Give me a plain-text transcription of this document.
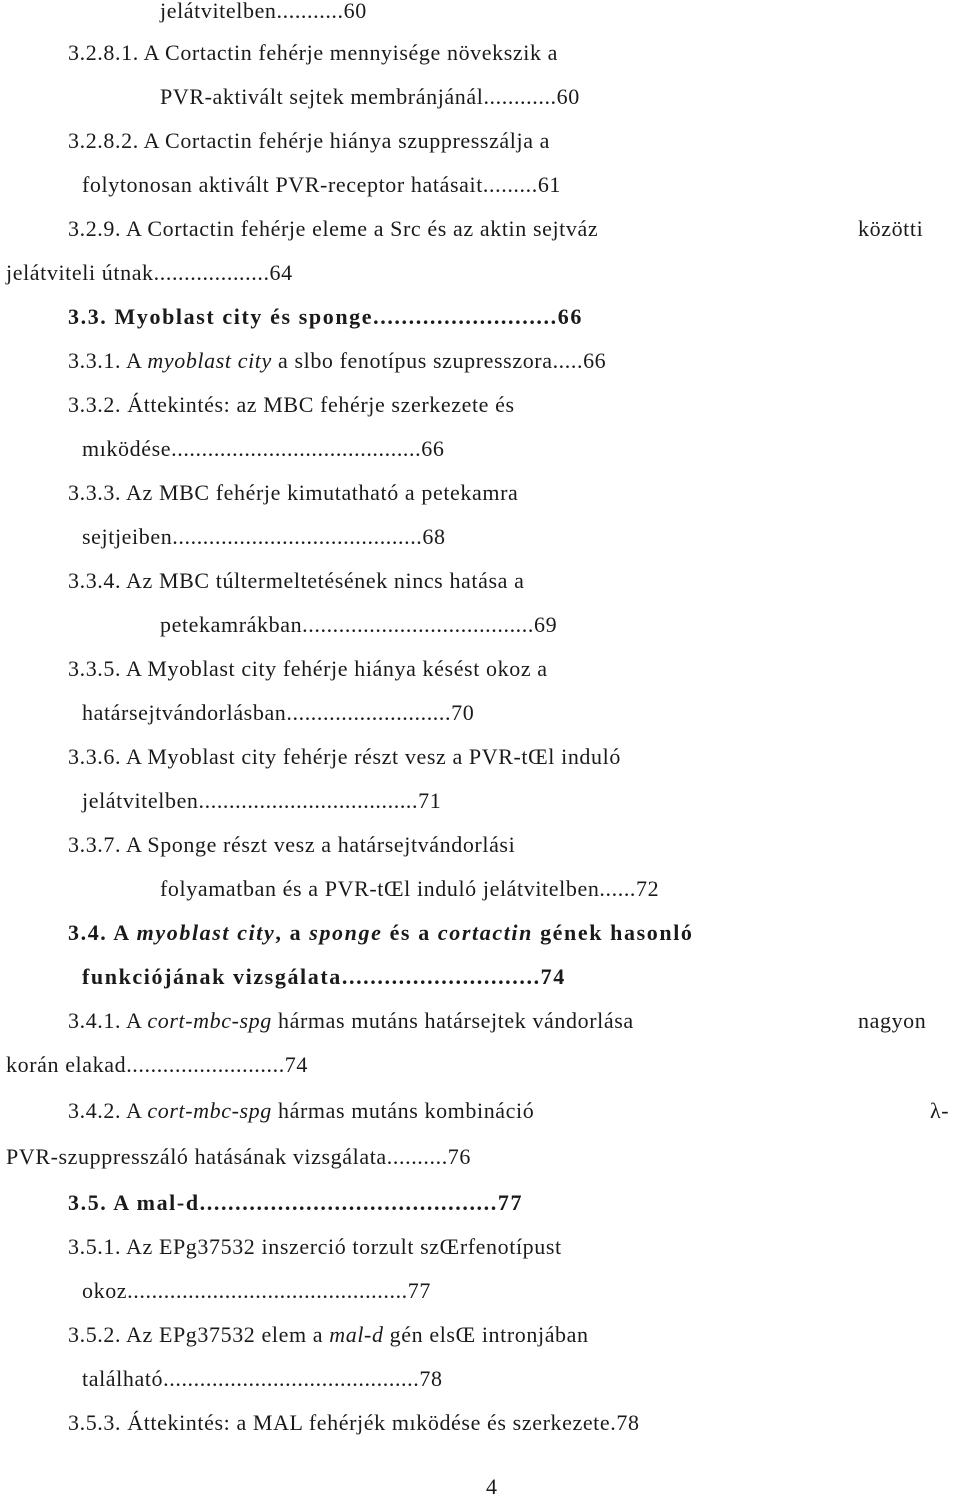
jelátvitelben...........60
3.2.8.1. A Cortactin fehérje mennyisége növekszik a
PVR-aktivált sejtek membránjánál............60
3.2.8.2. A Cortactin fehérje hiánya szuppresszálja a
folytonosan aktivált PVR-receptor hatásait.........61
3.2.9. A Cortactin fehérje eleme a Src és az aktin sejtváz	közötti
jelátviteli útnak...................64
3.3. Myoblast city és sponge..........................66
3.3.1. A myoblast city a slbo fenotípus szupresszora.....66
3.3.2. Áttekintés: az MBC fehérje szerkezete és
mıködése.........................................66
3.3.3. Az MBC fehérje kimutatható a petekamra
sejtjeiben.........................................68
3.3.4. Az MBC túltermeltetésének nincs hatása a
petekamrákban......................................69
3.3.5. A Myoblast city fehérje hiánya késést okoz a
határsejtvándorlásban...........................70
3.3.6. A Myoblast city fehérje részt vesz a PVR-tŒl induló
jelátvitelben....................................71
3.3.7. A Sponge részt vesz a határsejtvándorlási
folyamatban és a PVR-tŒl induló jelátvitelben......72
3.4. A myoblast city, a sponge és a cortactin gének hasonló
funkciójának vizsgálata............................74
3.4.1. A cort-mbc-spg hármas mutáns határsejtek vándorlása	nagyon
korán elakad..........................74
3.4.2. A cort-mbc-spg hármas mutáns kombináció	λ-
PVR-szuppresszáló hatásának vizsgálata..........76
3.5. A mal-d..........................................77
3.5.1. Az EPg37532 inszerció torzult szŒrfenotípust
okoz..............................................77
3.5.2. Az EPg37532 elem a mal-d gén elsŒ intronjában
található..........................................78
3.5.3. Áttekintés: a MAL fehérjék mıködése és szerkezete.78
4
